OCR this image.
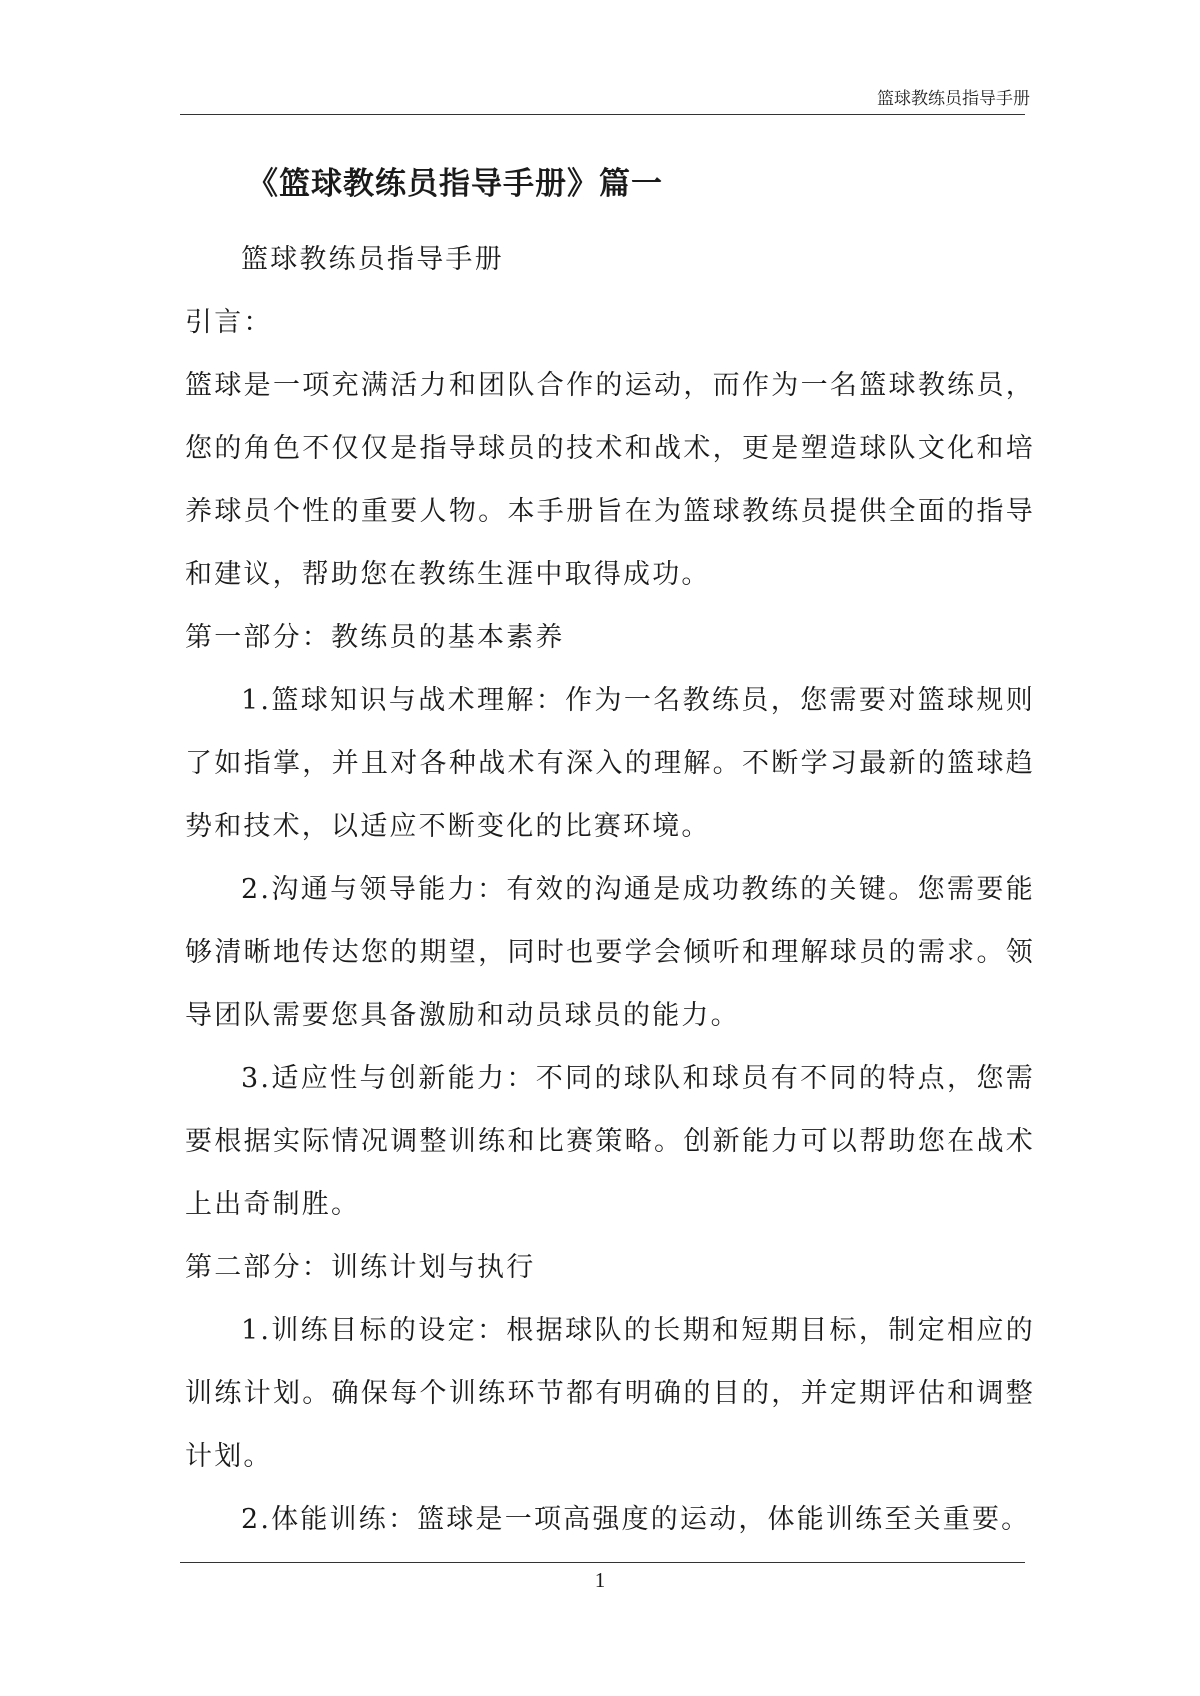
篮球教练员指导手册
《篮球教练员指导手册》篇一

篮球教练员指导手册

引言：

篮球是一项充满活力和团队合作的运动，而作为一名篮球教练员，您的角色不仅仅是指导球员的技术和战术，更是塑造球队文化和培养球员个性的重要人物。本手册旨在为篮球教练员提供全面的指导和建议，帮助您在教练生涯中取得成功。

第一部分：教练员的基本素养

1.篮球知识与战术理解：作为一名教练员，您需要对篮球规则了如指掌，并且对各种战术有深入的理解。不断学习最新的篮球趋势和技术，以适应不断变化的比赛环境。

2.沟通与领导能力：有效的沟通是成功教练的关键。您需要能够清晰地传达您的期望，同时也要学会倾听和理解球员的需求。领导团队需要您具备激励和动员球员的能力。

3.适应性与创新能力：不同的球队和球员有不同的特点，您需要根据实际情况调整训练和比赛策略。创新能力可以帮助您在战术上出奇制胜。

第二部分：训练计划与执行

1.训练目标的设定：根据球队的长期和短期目标，制定相应的训练计划。确保每个训练环节都有明确的目的，并定期评估和调整计划。

2.体能训练：篮球是一项高强度的运动，体能训练至关重要。

1
